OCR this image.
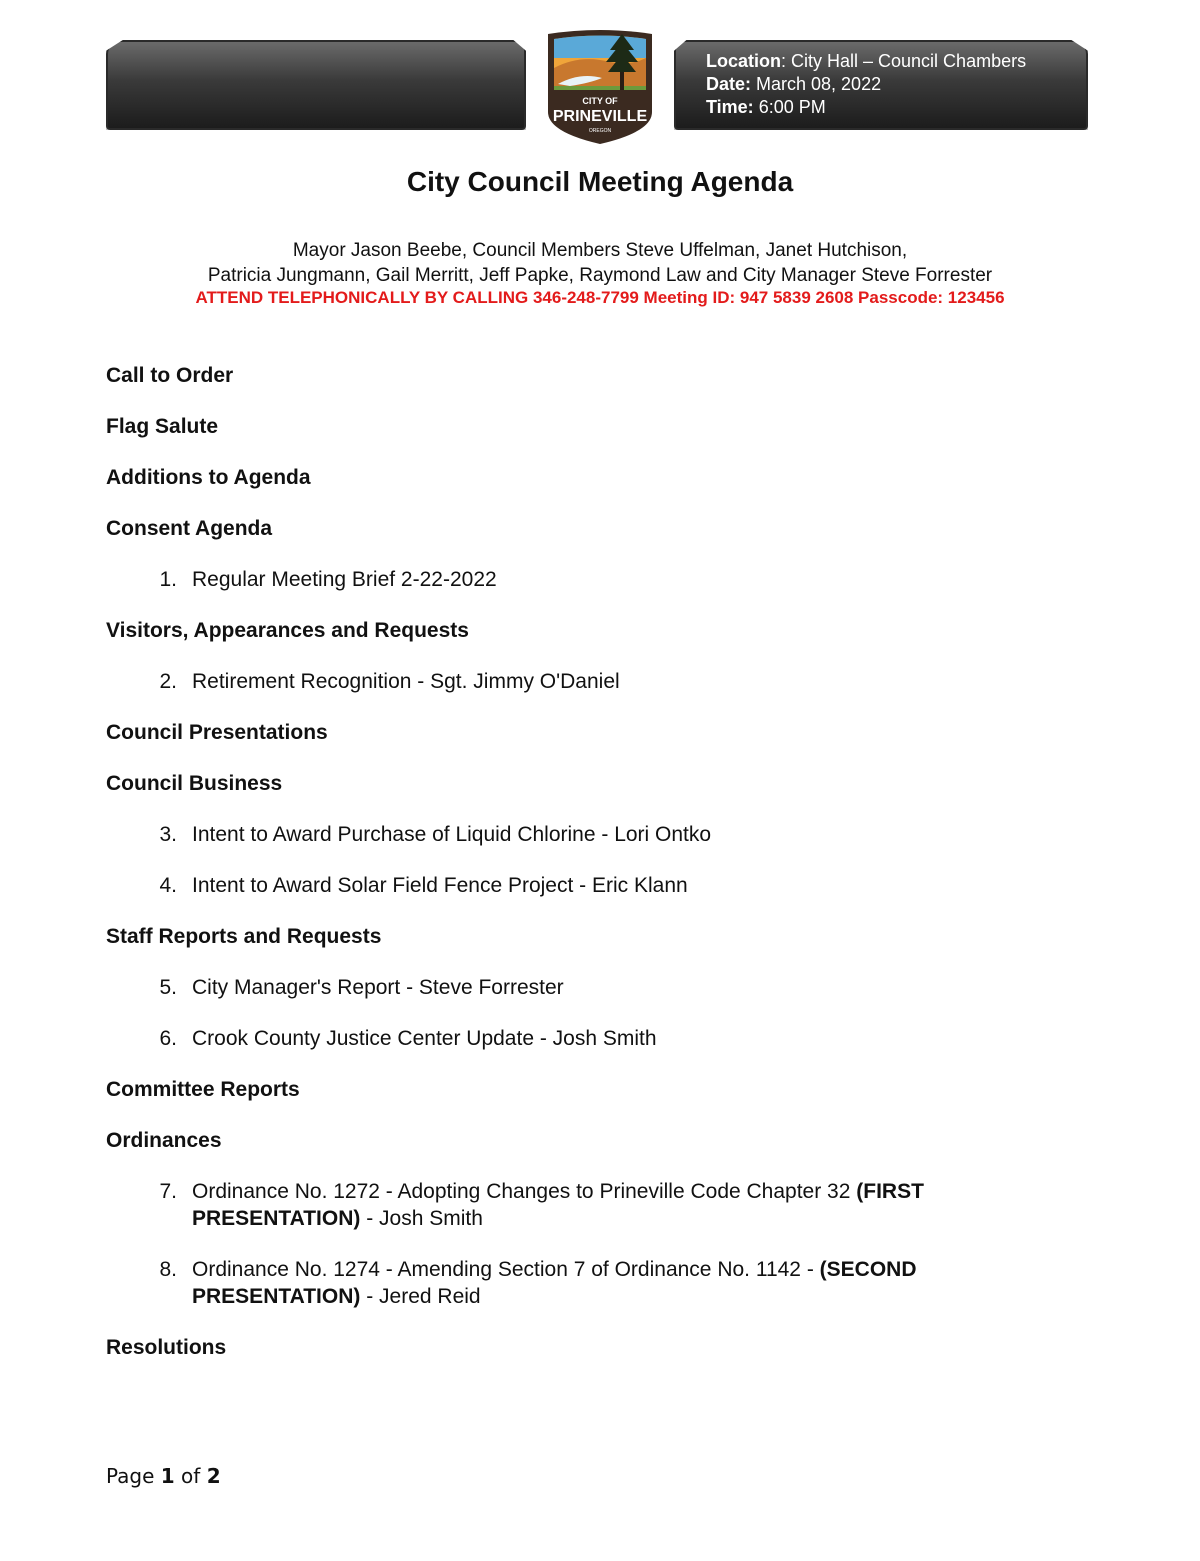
Location: City Hall – Council Chambers
Date: March 08, 2022
Time: 6:00 PM
CITY OF
PRINEVILLE
OREGON
City Council Meeting Agenda
Mayor Jason Beebe, Council Members Steve Uffelman, Janet Hutchison,
Patricia Jungmann, Gail Merritt, Jeff Papke, Raymond Law and City Manager Steve Forrester
ATTEND TELEPHONICALLY BY CALLING 346-248-7799 Meeting ID: 947 5839 2608 Passcode: 123456
Call to Order
Flag Salute
Additions to Agenda
Consent Agenda
1. Regular Meeting Brief 2-22-2022
Visitors, Appearances and Requests
2. Retirement Recognition - Sgt. Jimmy O'Daniel
Council Presentations
Council Business
3. Intent to Award Purchase of Liquid Chlorine - Lori Ontko
4. Intent to Award Solar Field Fence Project - Eric Klann
Staff Reports and Requests
5. City Manager's Report - Steve Forrester
6. Crook County Justice Center Update - Josh Smith
Committee Reports
Ordinances
7. Ordinance No. 1272 - Adopting Changes to Prineville Code Chapter 32 (FIRST PRESENTATION) - Josh Smith
8. Ordinance No. 1274 - Amending Section 7 of Ordinance No. 1142 - (SECOND PRESENTATION) - Jered Reid
Resolutions
Page 1 of 2
